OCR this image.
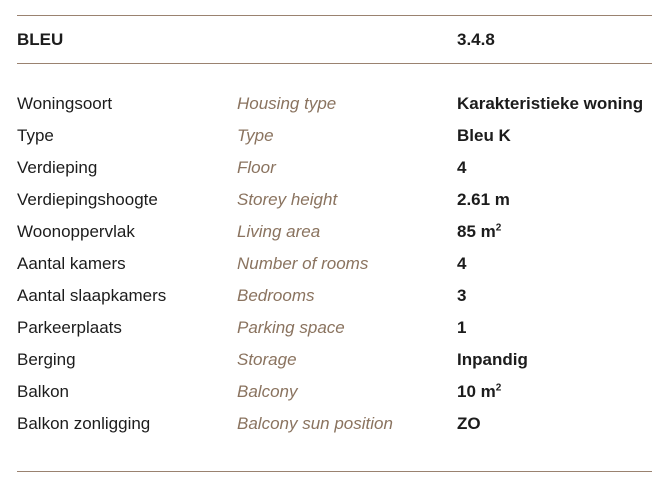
BLEU	3.4.8
Woningsoort	Housing type	Karakteristieke woning
Type	Type	Bleu K
Verdieping	Floor	4
Verdiepingshoogte	Storey height	2.61 m
Woonoppervlak	Living area	85 $m^2$
Aantal kamers	Number of rooms	4
Aantal slaapkamers	Bedrooms	3
Parkeerplaats	Parking space	1
Berging	Storage	Inpandig
Balkon	Balcony	10 $m^2$
Balkon zonligging	Balcony sun position	ZO
